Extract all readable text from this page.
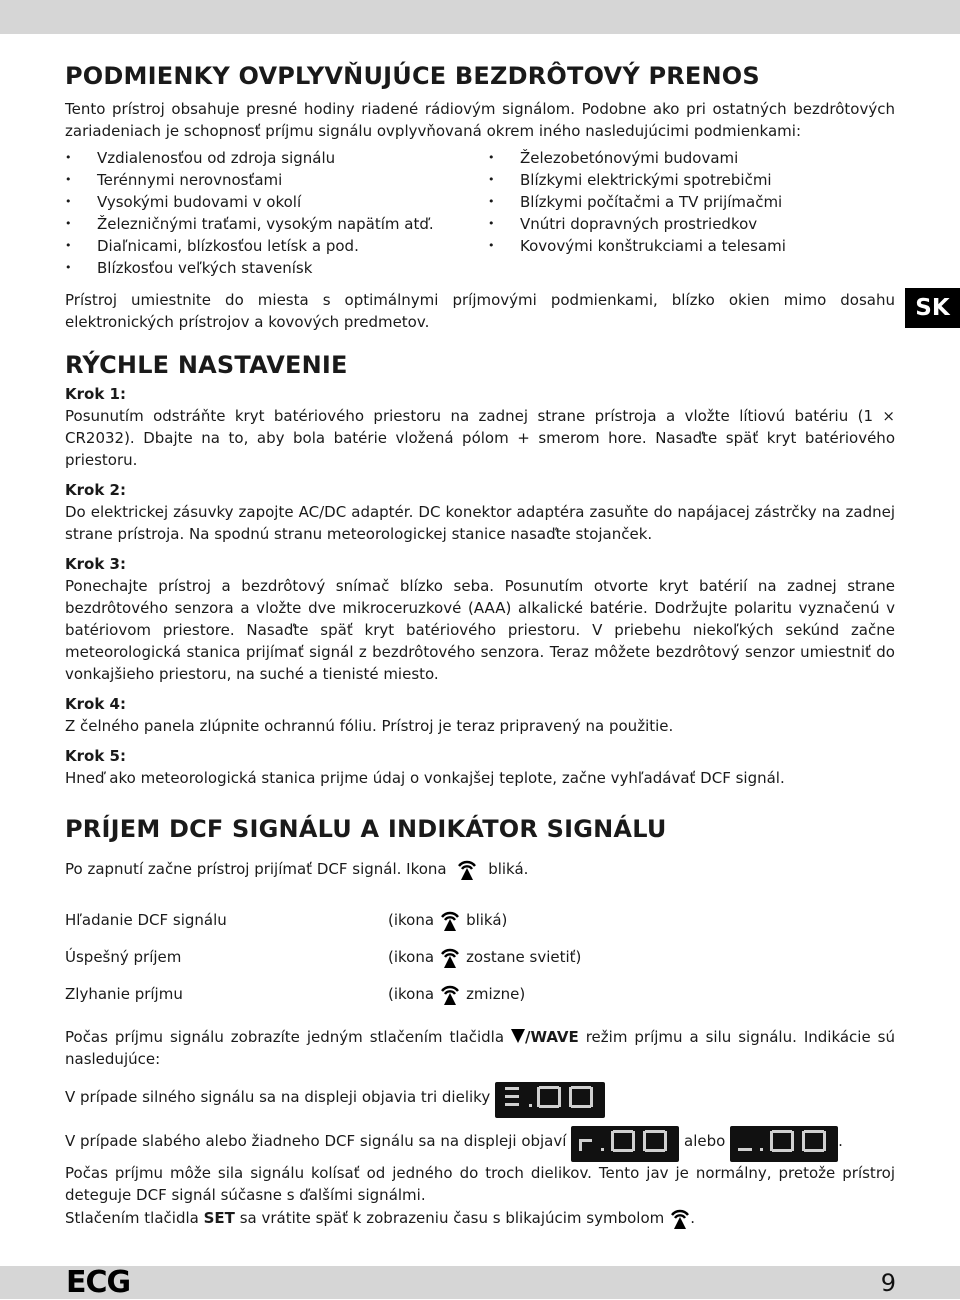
SK
PODMIENKY OVPLYVŇUJÚCE BEZDRÔTOVÝ PRENOS

Tento prístroj obsahuje presné hodiny riadené rádiovým signálom. Podobne ako pri ostatných bezdrôtových zariadeniach je schopnosť príjmu signálu ovplyvňovaná okrem iného nasledujúcimi podmienkami:

• Vzdialenosťou od zdroja signálu
• Terénnymi nerovnosťami
• Vysokými budovami v okolí
• Železničnými traťami, vysokým napätím atď.
• Diaľnicami, blízkosťou letísk a pod.
• Blízkosťou veľkých stavenísk
• Železobetónovými budovami
• Blízkymi elektrickými spotrebičmi
• Blízkymi počítačmi a TV prijímačmi
• Vnútri dopravných prostriedkov
• Kovovými konštrukciami a telesami

Prístroj umiestnite do miesta s optimálnymi príjmovými podmienkami, blízko okien mimo dosahu elektronických prístrojov a kovových predmetov.

RÝCHLE NASTAVENIE
Krok 1:

Posunutím odstráňte kryt batériového priestoru na zadnej strane prístroja a vložte lítiovú batériu (1 × CR2032). Dbajte na to, aby bola batérie vložená pólom + smerom hore. Nasaďte späť kryt batériového priestoru.

Krok 2:

Do elektrickej zásuvky zapojte AC/DC adaptér. DC konektor adaptéra zasuňte do napájacej zástrčky na zadnej strane prístroja. Na spodnú stranu meteorologickej stanice nasaďte stojanček.

Krok 3:

Ponechajte prístroj a bezdrôtový snímač blízko seba. Posunutím otvorte kryt batérií na zadnej strane bezdrôtového senzora a vložte dve mikroceruzkové (AAA) alkalické batérie. Dodržujte polaritu vyznačenú v batériovom priestore. Nasaďte späť kryt batériového priestoru. V priebehu niekoľkých sekúnd začne meteorologická stanica prijímať signál z bezdrôtového senzora. Teraz môžete bezdrôtový senzor umiestniť do vonkajšieho priestoru, na suché a tienisté miesto.

Krok 4:

Z čelného panela zlúpnite ochrannú fóliu. Prístroj je teraz pripravený na použitie.

Krok 5:

Hneď ako meteorologická stanica prijme údaj o vonkajšej teplote, začne vyhľadávať DCF signál.

PRÍJEM DCF SIGNÁLU A INDIKÁTOR SIGNÁLU

Po zapnutí začne prístroj prijímať DCF signál. Ikona	bliká.

Hľadanie DCF signálu	(ikona bliká)
Úspešný príjem	(ikona zostane svietiť)
Zlyhanie príjmu	(ikona zmizne)

Počas príjmu signálu zobrazíte jedným stlačením tlačidla /WAVE režim príjmu a silu signálu. Indikácie sú nasledujúce:

V prípade silného signálu sa na displeji objavia tri dieliky

V prípade slabého alebo žiadneho DCF signálu sa na displeji objaví	alebo	.

Počas príjmu môže sila signálu kolísať od jedného do troch dielikov. Tento jav je normálny, pretože prístroj deteguje DCF signál súčasne s ďalšími signálmi.

Stlačením tlačidla SET sa vrátite späť k zobrazeniu času s blikajúcim symbolom .

ECG	9
